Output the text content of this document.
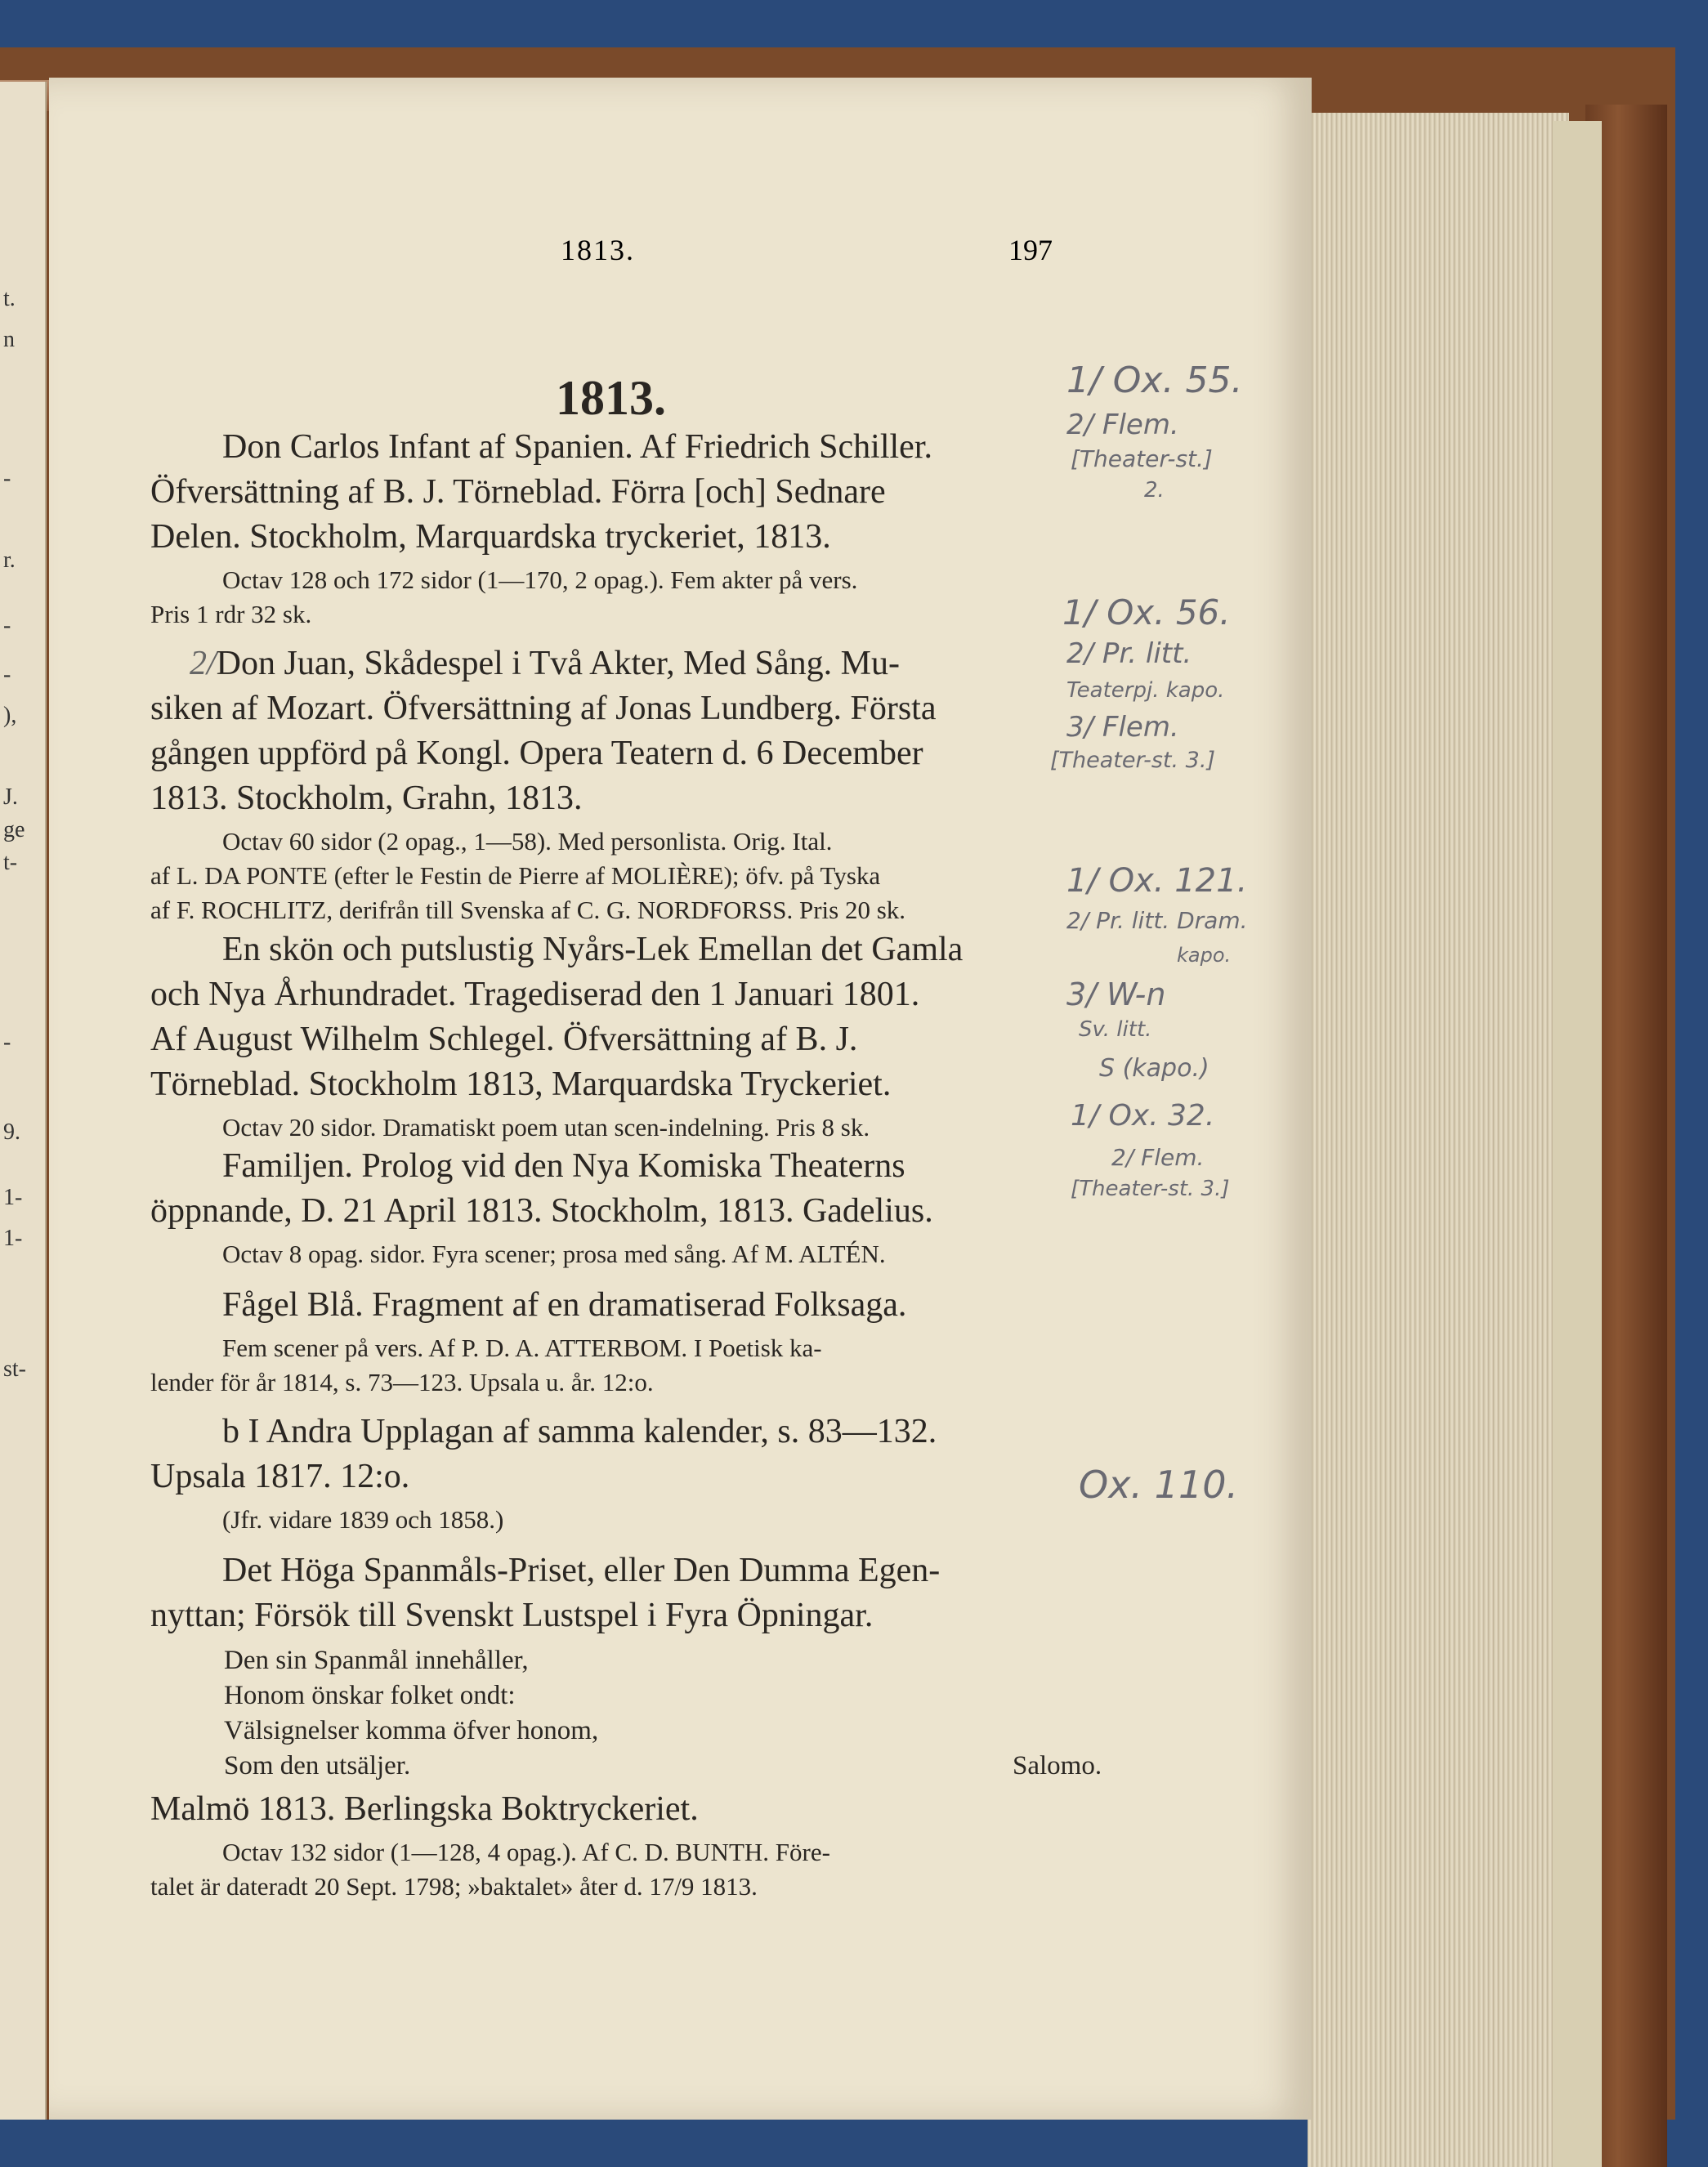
t.
n
-
r.
-
-
),
J.
ge
t-
-
9.
1-
1-
st-
1813.	197
1813.
Don Carlos Infant af Spanien. Af Friedrich Schiller.
Öfversättning af B. J. Törneblad. Förra [och] Sednare
Delen. Stockholm, Marquardska tryckeriet, 1813.
Octav 128 och 172 sidor (1—170, 2 opag.). Fem akter på vers.
Pris 1 rdr 32 sk.
2/Don Juan, Skådespel i Två Akter, Med Sång. Mu-
siken af Mozart. Öfversättning af Jonas Lundberg. Första
gången uppförd på Kongl. Opera Teatern d. 6 December
1813. Stockholm, Grahn, 1813.
Octav 60 sidor (2 opag., 1—58). Med personlista. Orig. Ital.
af L. DA PONTE (efter le Festin de Pierre af MOLIÈRE); öfv. på Tyska
af F. ROCHLITZ, derifrån till Svenska af C. G. NORDFORSS. Pris 20 sk.
En skön och putslustig Nyårs-Lek Emellan det Gamla
och Nya Århundradet. Tragediserad den 1 Januari 1801.
Af August Wilhelm Schlegel. Öfversättning af B. J.
Törneblad. Stockholm 1813, Marquardska Tryckeriet.
Octav 20 sidor. Dramatiskt poem utan scen-indelning. Pris 8 sk.
Familjen. Prolog vid den Nya Komiska Theaterns
öppnande, D. 21 April 1813. Stockholm, 1813. Gadelius.
Octav 8 opag. sidor. Fyra scener; prosa med sång. Af M. ALTÉN.
Fågel Blå. Fragment af en dramatiserad Folksaga.
Fem scener på vers. Af P. D. A. ATTERBOM. I Poetisk ka-
lender för år 1814, s. 73—123. Upsala u. år. 12:o.
b I Andra Upplagan af samma kalender, s. 83—132.
Upsala 1817. 12:o.
(Jfr. vidare 1839 och 1858.)
Det Höga Spanmåls-Priset, eller Den Dumma Egen-
nyttan; Försök till Svenskt Lustspel i Fyra Öpningar.
Den sin Spanmål innehåller,
Honom önskar folket ondt:
Välsignelser komma öfver honom,
Som den utsäljer.	Salomo.
Malmö 1813. Berlingska Boktryckeriet.
Octav 132 sidor (1—128, 4 opag.). Af C. D. BUNTH. Före-
talet är dateradt 20 Sept. 1798; »baktalet» åter d. 17/9 1813.
1/ Ox. 55.
2/ Flem.
[Theater-st.]
2.
1/ Ox. 56.
2/ Pr. litt.
Teaterpj. kapo.
3/ Flem.
[Theater-st. 3.]
1/ Ox. 121.
2/ Pr. litt. Dram.
kapo.
3/ W-n
Sv. litt.
S (kapo.)
1/ Ox. 32.
2/ Flem.
[Theater-st. 3.]
Ox. 110.
